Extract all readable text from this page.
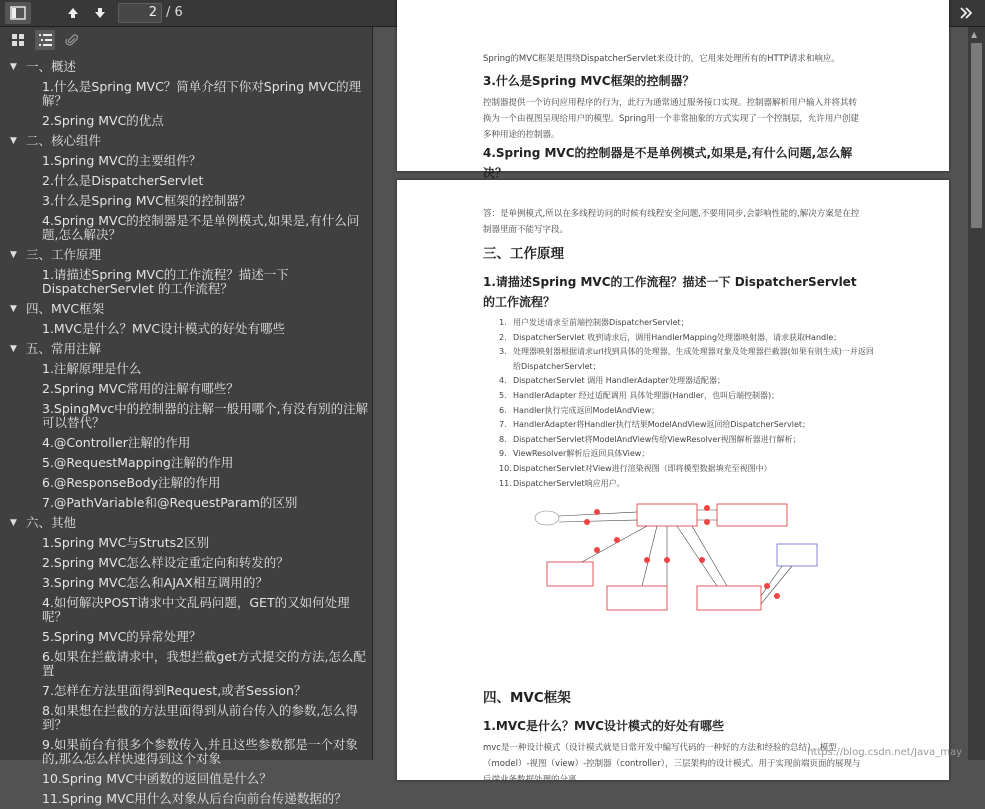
2 / 6
▼ 一、概述
1.什么是Spring MVC？简单介绍下你对Spring MVC的理解？
2.Spring MVC的优点
▼ 二、核心组件
1.Spring MVC的主要组件？
2.什么是DispatcherServlet
3.什么是Spring MVC框架的控制器？
4.Spring MVC的控制器是不是单例模式,如果是,有什么问题,怎么解决？
▼ 三、工作原理
1.请描述Spring MVC的工作流程？描述一下 DispatcherServlet 的工作流程？
▼ 四、MVC框架
1.MVC是什么？MVC设计模式的好处有哪些
▼ 五、常用注解
1.注解原理是什么
2.Spring MVC常用的注解有哪些？
3.SpingMvc中的控制器的注解一般用哪个,有没有别的注解可以替代？
4.@Controller注解的作用
5.@RequestMapping注解的作用
6.@ResponseBody注解的作用
7.@PathVariable和@RequestParam的区别
▼ 六、其他
1.Spring MVC与Struts2区别
2.Spring MVC怎么样设定重定向和转发的？
3.Spring MVC怎么和AJAX相互调用的？
4.如何解决POST请求中文乱码问题，GET的又如何处理呢？
5.Spring MVC的异常处理？
6.如果在拦截请求中，我想拦截get方式提交的方法,怎么配置
7.怎样在方法里面得到Request,或者Session？
8.如果想在拦截的方法里面得到从前台传入的参数,怎么得到？
9.如果前台有很多个参数传入,并且这些参数都是一个对象的,那么怎么样快速得到这个对象
10.Spring MVC中函数的返回值是什么？
11.Spring MVC用什么对象从后台向前台传递数据的？
Spring的MVC框架是围绕DispatcherServlet来设计的，它用来处理所有的HTTP请求和响应。
3.什么是Spring MVC框架的控制器？
控制器提供一个访问应用程序的行为，此行为通常通过服务接口实现。控制器解析用户输入并将其转换为一个由视图呈现给用户的模型。Spring用一个非常抽象的方式实现了一个控制层，允许用户创建多种用途的控制器。
4.Spring MVC的控制器是不是单例模式,如果是,有什么问题,怎么解决？
答：是单例模式,所以在多线程访问的时候有线程安全问题,不要用同步,会影响性能的,解决方案是在控制器里面不能写字段。
三、工作原理
1.请描述Spring MVC的工作流程？描述一下 DispatcherServlet 的工作流程？
1. 用户发送请求至前端控制器DispatcherServlet；
2. DispatcherServlet 收到请求后，调用HandlerMapping处理器映射器，请求获取Handle；
3. 处理器映射器根据请求url找到具体的处理器，生成处理器对象及处理器拦截器(如果有则生成)一并返回给DispatcherServlet；
4. DispatcherServlet 调用 HandlerAdapter处理器适配器；
5. HandlerAdapter 经过适配调用 具体处理器(Handler，也叫后端控制器)；
6. Handler执行完成返回ModelAndView；
7. HandlerAdapter将Handler执行结果ModelAndView返回给DispatcherServlet；
8. DispatcherServlet将ModelAndView传给ViewResolver视图解析器进行解析；
9. ViewResolver解析后返回具体View；
10. DispatcherServlet对View进行渲染视图（即将模型数据填充至视图中）
11. DispatcherServlet响应用户。
四、MVC框架
1.MVC是什么？MVC设计模式的好处有哪些
mvc是一种设计模式（设计模式就是日常开发中编写代码的一种好的方法和经验的总结）。模型（model）-视图（view）-控制器（controller），三层架构的设计模式。用于实现前端页面的展现与后端业务数据处理的分离。
https://blog.csdn.net/Java_may
▲
